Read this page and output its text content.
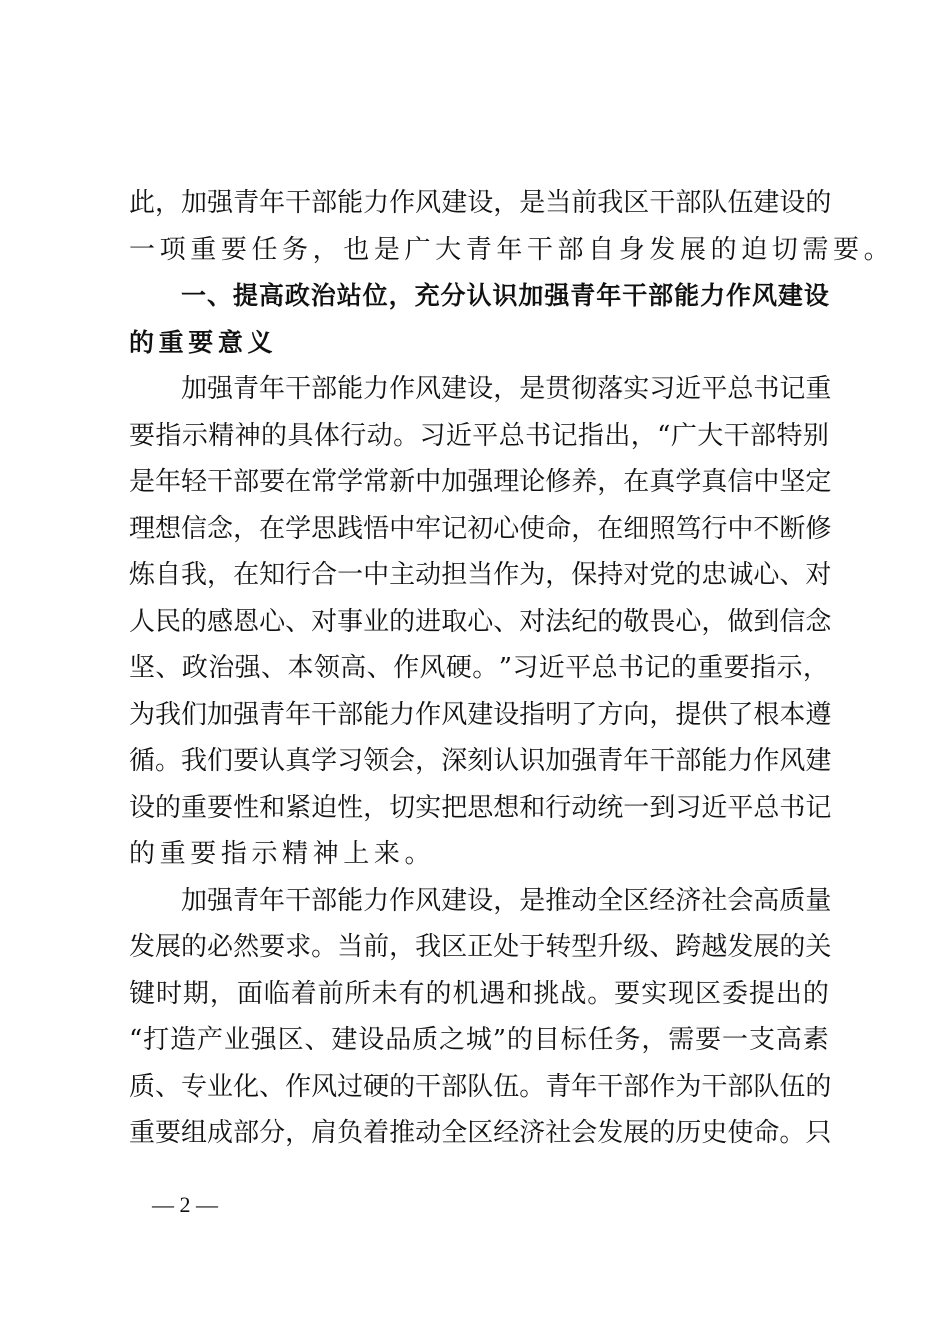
此 ， 加 强 青 年 干 部 能 力 作 风 建 设 ， 是 当 前 我 区 干 部 队 伍 建 设 的
一 项 重 要 任 务 ， 也 是 广 大 青 年 干 部 自 身 发 展 的 迫 切 需 要 。
一 、 提 高 政 治 站 位 ， 充 分 认 识 加 强 青 年 干 部 能 力 作 风 建 设
的 重 要 意 义
加 强 青 年 干 部 能 力 作 风 建 设 ， 是 贯 彻 落 实 习 近 平 总 书 记 重
要 指 示 精 神 的 具 体 行 动 。 习 近 平 总 书 记 指 出 ， “ 广 大 干 部 特 别
是 年 轻 干 部 要 在 常 学 常 新 中 加 强 理 论 修 养 ， 在 真 学 真 信 中 坚 定
理 想 信 念 ， 在 学 思 践 悟 中 牢 记 初 心 使 命 ， 在 细 照 笃 行 中 不 断 修
炼 自 我 ， 在 知 行 合 一 中 主 动 担 当 作 为 ， 保 持 对 党 的 忠 诚 心 、 对
人 民 的 感 恩 心 、 对 事 业 的 进 取 心 、 对 法 纪 的 敬 畏 心 ， 做 到 信 念
坚 、 政 治 强 、 本 领 高 、 作 风 硬 。 ” 习 近 平 总 书 记 的 重 要 指 示 ，
为 我 们 加 强 青 年 干 部 能 力 作 风 建 设 指 明 了 方 向 ， 提 供 了 根 本 遵
循 。 我 们 要 认 真 学 习 领 会 ， 深 刻 认 识 加 强 青 年 干 部 能 力 作 风 建
设 的 重 要 性 和 紧 迫 性 ， 切 实 把 思 想 和 行 动 统 一 到 习 近 平 总 书 记
的 重 要 指 示 精 神 上 来 。
加 强 青 年 干 部 能 力 作 风 建 设 ， 是 推 动 全 区 经 济 社 会 高 质 量
发 展 的 必 然 要 求 。 当 前 ， 我 区 正 处 于 转 型 升 级 、 跨 越 发 展 的 关
键 时 期 ， 面 临 着 前 所 未 有 的 机 遇 和 挑 战 。 要 实 现 区 委 提 出 的
“ 打 造 产 业 强 区 、 建 设 品 质 之 城 ” 的 目 标 任 务 ， 需 要 一 支 高 素
质 、 专 业 化 、 作 风 过 硬 的 干 部 队 伍 。 青 年 干 部 作 为 干 部 队 伍 的
重 要 组 成 部 分 ， 肩 负 着 推 动 全 区 经 济 社 会 发 展 的 历 史 使 命 。 只
— 2 —
